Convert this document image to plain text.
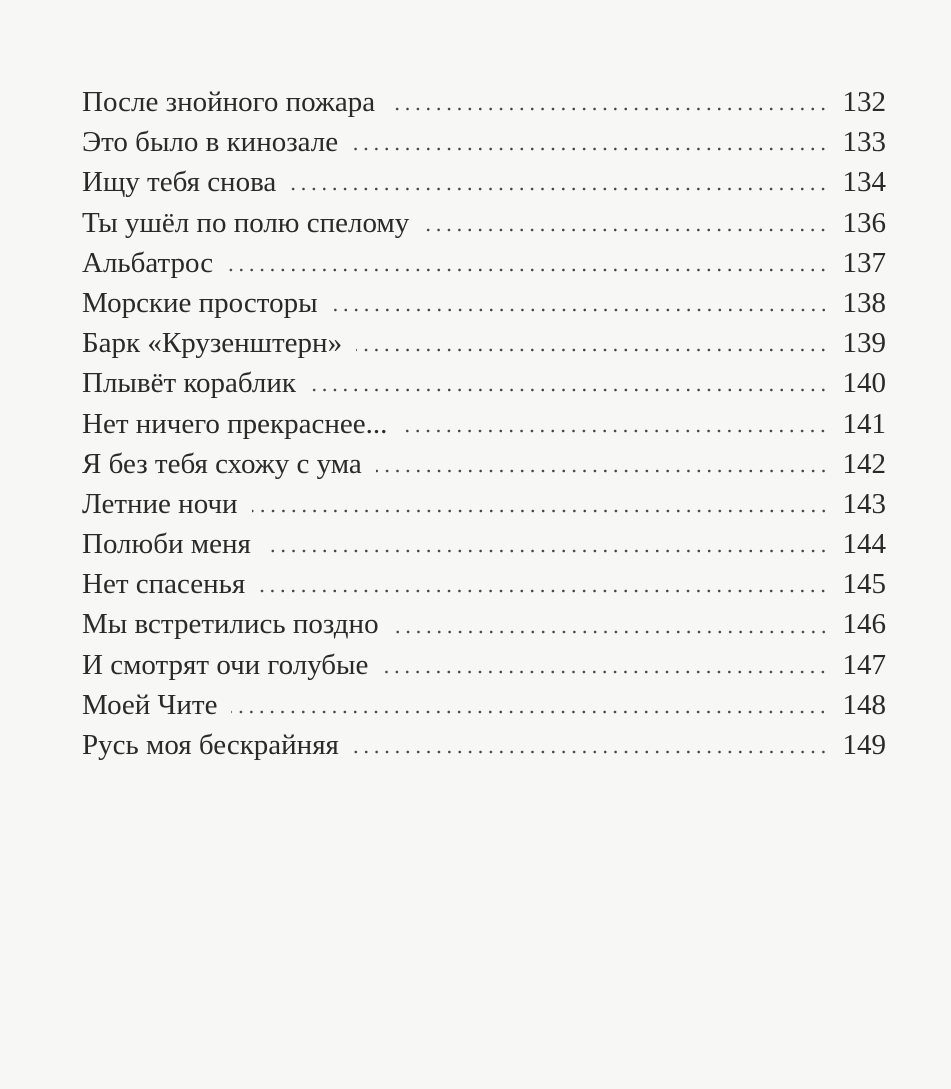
После знойного пожара	132
Это было в кинозале	133
Ищу тебя снова	134
Ты ушёл по полю спелому	136
Альбатрос	137
Морские просторы	138
Барк «Крузенштерн»	139
Плывёт кораблик	140
Нет ничего прекраснее...	141
Я без тебя схожу с ума	142
Летние ночи	143
Полюби меня	144
Нет спасенья	145
Мы встретились поздно	146
И смотрят очи голубые	147
Моей Чите	148
Русь моя бескрайняя	149
